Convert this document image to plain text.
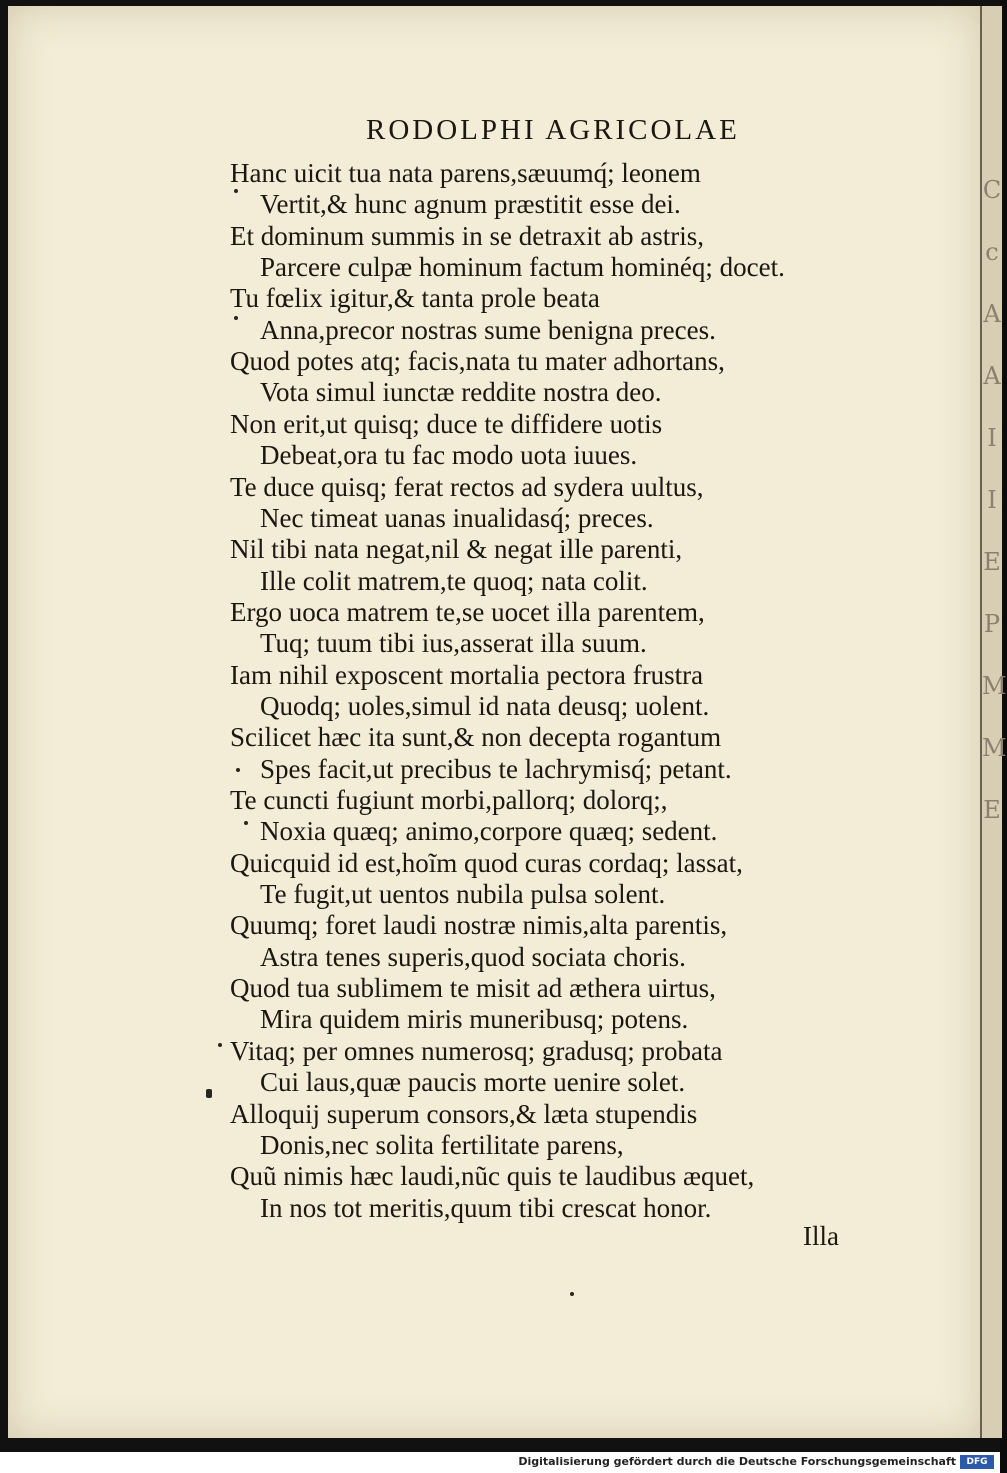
RODOLPHI AGRICOLAE
Hanc uicit tua nata parens,sæuumq́; leonem
Vertit,& hunc agnum præstitit esse dei.
Et dominum summis in se detraxit ab astris,
Parcere culpæ hominum factum hominéq; docet.
Tu fœlix igitur,& tanta prole beata
Anna,precor nostras sume benigna preces.
Quod potes atq; facis,nata tu mater adhortans,
Vota simul iunctæ reddite nostra deo.
Non erit,ut quisq; duce te diffidere uotis
Debeat,ora tu fac modo uota iuues.
Te duce quisq; ferat rectos ad sydera uultus,
Nec timeat uanas inualidasq́; preces.
Nil tibi nata negat,nil & negat ille parenti,
Ille colit matrem,te quoq; nata colit.
Ergo uoca matrem te,se uocet illa parentem,
Tuq; tuum tibi ius,asserat illa suum.
Iam nihil exposcent mortalia pectora frustra
Quodq; uoles,simul id nata deusq; uolent.
Scilicet hæc ita sunt,& non decepta rogantum
Spes facit,ut precibus te lachrymisq́; petant.
Te cuncti fugiunt morbi,pallorq; dolorq;,
Noxia quæq; animo,corpore quæq; sedent.
Quicquid id est,hoĩm quod curas cordaq; lassat,
Te fugit,ut uentos nubila pulsa solent.
Quumq; foret laudi nostræ nimis,alta parentis,
Astra tenes superis,quod sociata choris.
Quod tua sublimem te misit ad æthera uirtus,
Mira quidem miris muneribusq; potens.
Vitaq; per omnes numerosq; gradusq; probata
Cui laus,quæ paucis morte uenire solet.
Alloquij superum consors,& læta stupendis
Donis,nec solita fertilitate parens,
Quũ nimis hæc laudi,nũc quis te laudibus æquet,
In nos tot meritis,quum tibi crescat honor.
Illa
C
c
A
A
I
I
E
P
M
M
E
Digitalisierung gefördert durch die Deutsche Forschungsgemeinschaft	DFG
